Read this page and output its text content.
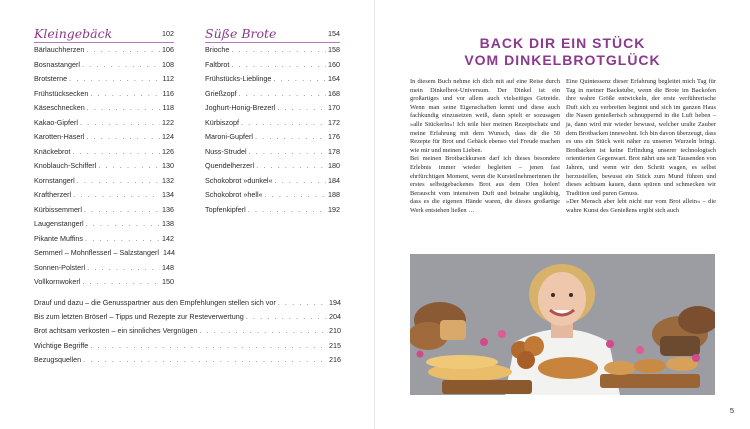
Kleingebäck	102
Bärlauchherzen . . .	106
Bosnastangerl . . .	108
Brotsterne . . .	112
Frühstücksecken . . .	116
Käseschnecken . . .	118
Kakao-Gipferl . . .	122
Karotten-Haserl . . .	124
Knäckebrot . . .	126
Knoblauch-Schifferl . . .	130
Kornstangerl . . .	132
Kraftherzerl . . .	134
Kürbissemmerl . . .	136
Laugenstangerl . . .	138
Pikante Muffins . . .	142
Semmerl – Mohnflesserl – Salzstangerl 144
Sonnen-Polsterl . . .	148
Vollkornwokerl . . .	150
Süße Brote	154
Brioche . . .	158
Faltbrot . . .	160
Frühstücks-Lieblinge . . .	164
Grießzopf . . .	168
Joghurt-Honig-Brezerl . . .	170
Kürbiszopf . . .	172
Maroni-Gupferl . . .	176
Nuss-Strudel . . .	178
Quendelherzerl . . .	180
Schokobrot »dunkel« . . .	184
Schokobrot »hell« . . .	188
Topfenkipferl . . .	192
Drauf und dazu – die Genusspartner aus den Empfehlungen stellen sich vor . . .	194
Bis zum letzten Bröserl – Tipps und Rezepte zur Resteverwertung . . .	204
Brot achtsam verkosten – ein sinnliches Vergnügen . . .	210
Wichtige Begriffe . . .	215
Bezugsquellen . . .	216
BACK DIR EIN STÜCK
VOM DINKELBROTGLÜCK

In diesem Buch nehme ich dich mit auf eine Reise durch mein Dinkelbrot-Universum. Der Dinkel ist ein großartiges und vor allem auch vielseitiges Getreide. Wenn man seine Eigenschaften kennt und diese auch fachkundig einzusetzen weiß, dann spielt er sozusagen »alle Stückerln«! Ich teile hier meinen Rezeptschatz und meine Erfahrung mit dem Wunsch, dass dir die 50 Rezepte für Brot und Gebäck ebenso viel Freude machen wie mir und meinen Lieben.

Bei meinen Brotbackkursen darf ich dieses besondere Erlebnis immer wieder begleiten – jenen fast ehrfürchtigen Moment, wenn die Kursteilnehmerinnen ihr erstes selbstgebackenes Brot aus dem Ofen holen! Berauscht vom intensiven Duft und beinahe ungläubig, dass es die eigenen Hände waren, die dieses großartige Werk entstehen ließen …

Eine Quintessenz dieser Erfahrung begleitet mich Tag für Tag in meiner Backstube, wenn die Brote im Backofen ihre wahre Größe entwickeln, der erste verführerische Duft sich zu verbreiten beginnt und sich im ganzen Haus die Nasen genießerisch schnuppernd in die Luft heben – ja, dann wird mir wieder bewusst, welcher uralte Zauber dem Brotbacken innewohnt. Ich bin davon überzeugt, dass es uns ein Stück weit näher zu unseren Wurzeln bringt. Brotbacken ist keine Erfindung unserer technologisch orientierten Gegenwart. Brot nährt uns seit Tausenden von Jahren, und wenn wir den Schritt wagen, es selbst herzustellen, bewusst ein Stück zum Mund führen und dieses achtsam kauen, dann spüren und schmecken wir Tradition und puren Genuss.

»Der Mensch aber lebt nicht nur vom Brot allein« – die wahre Kunst des Genießens ergibt sich auch

5
